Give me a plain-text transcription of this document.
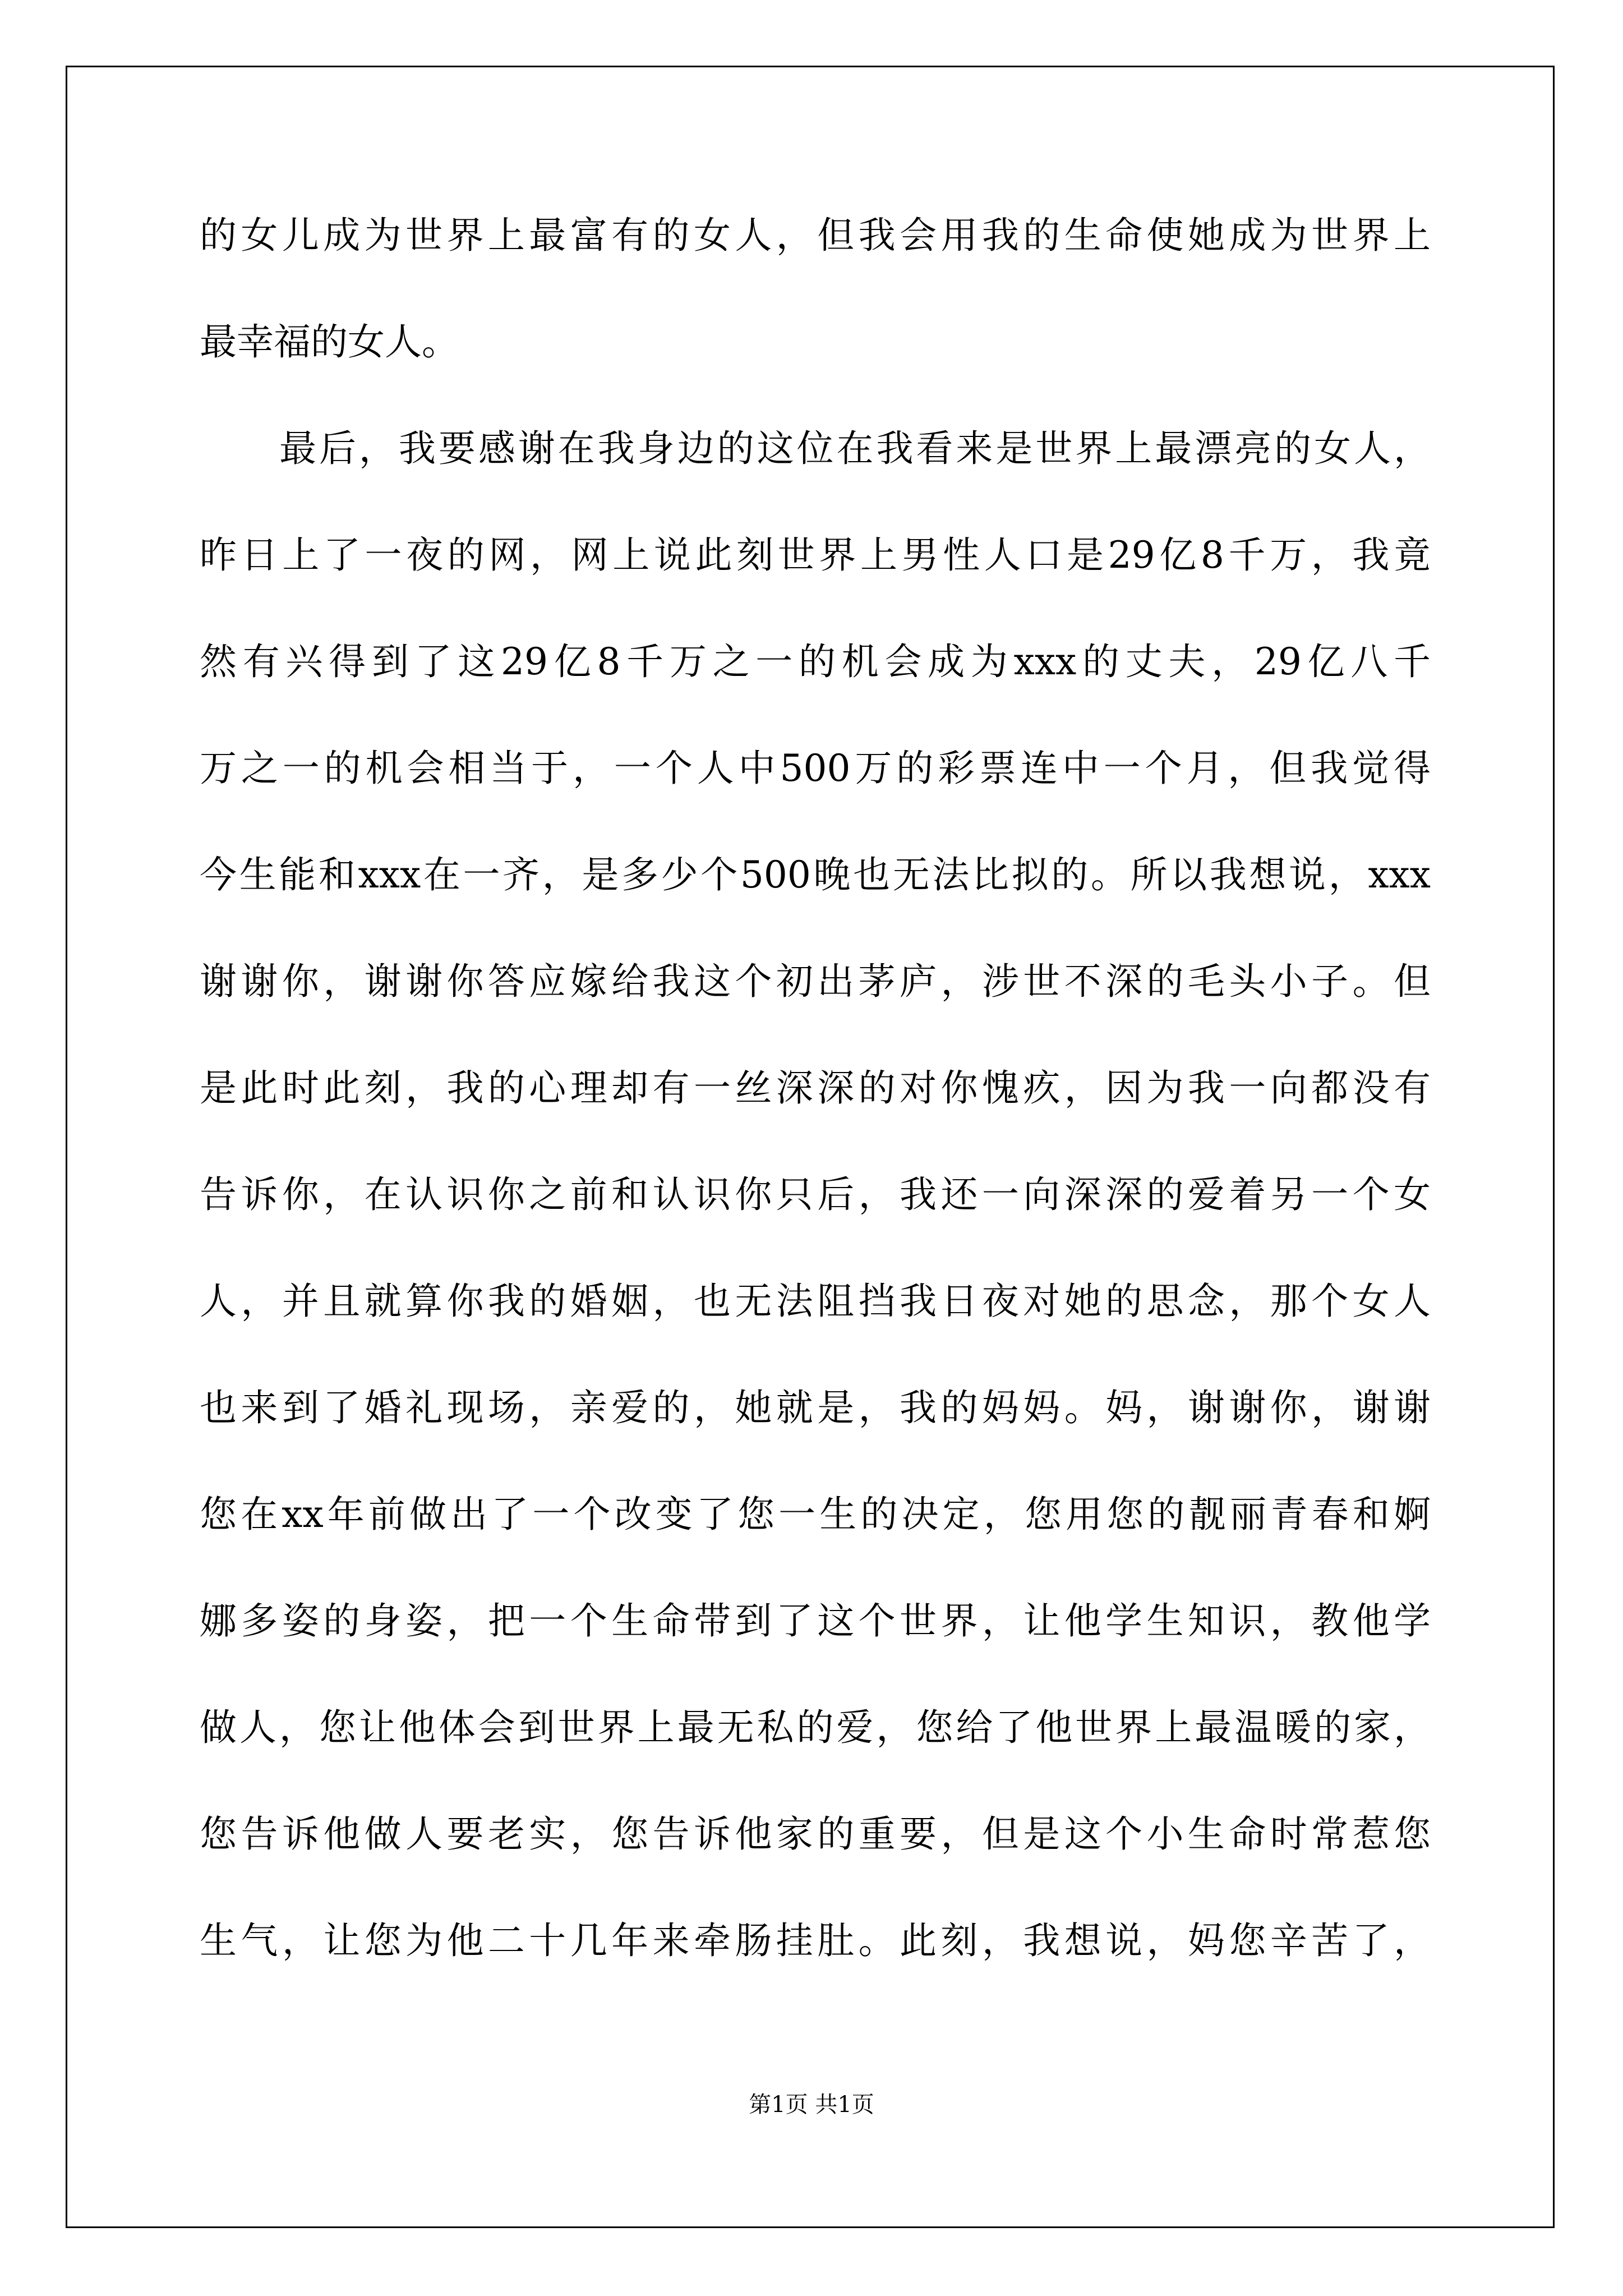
的女儿成为世界上最富有的女人，但我会用我的生命使她成为世界上
最幸福的女人。
最后，我要感谢在我身边的这位在我看来是世界上最漂亮的女人，
昨日上了一夜的网，网上说此刻世界上男性人口是29亿8千万，我竟
然有兴得到了这29亿8千万之一的机会成为xxx的丈夫，29亿八千
万之一的机会相当于，一个人中500万的彩票连中一个月，但我觉得
今生能和xxx在一齐，是多少个500晚也无法比拟的。所以我想说，xxx
谢谢你，谢谢你答应嫁给我这个初出茅庐，涉世不深的毛头小子。但
是此时此刻，我的心理却有一丝深深的对你愧疚，因为我一向都没有
告诉你，在认识你之前和认识你只后，我还一向深深的爱着另一个女
人，并且就算你我的婚姻，也无法阻挡我日夜对她的思念，那个女人
也来到了婚礼现场，亲爱的，她就是，我的妈妈。妈，谢谢你，谢谢
您在xx年前做出了一个改变了您一生的决定，您用您的靓丽青春和婀
娜多姿的身姿，把一个生命带到了这个世界，让他学生知识，教他学
做人，您让他体会到世界上最无私的爱，您给了他世界上最温暖的家，
您告诉他做人要老实，您告诉他家的重要，但是这个小生命时常惹您
生气，让您为他二十几年来牵肠挂肚。此刻，我想说，妈您辛苦了，
第1页 共1页
